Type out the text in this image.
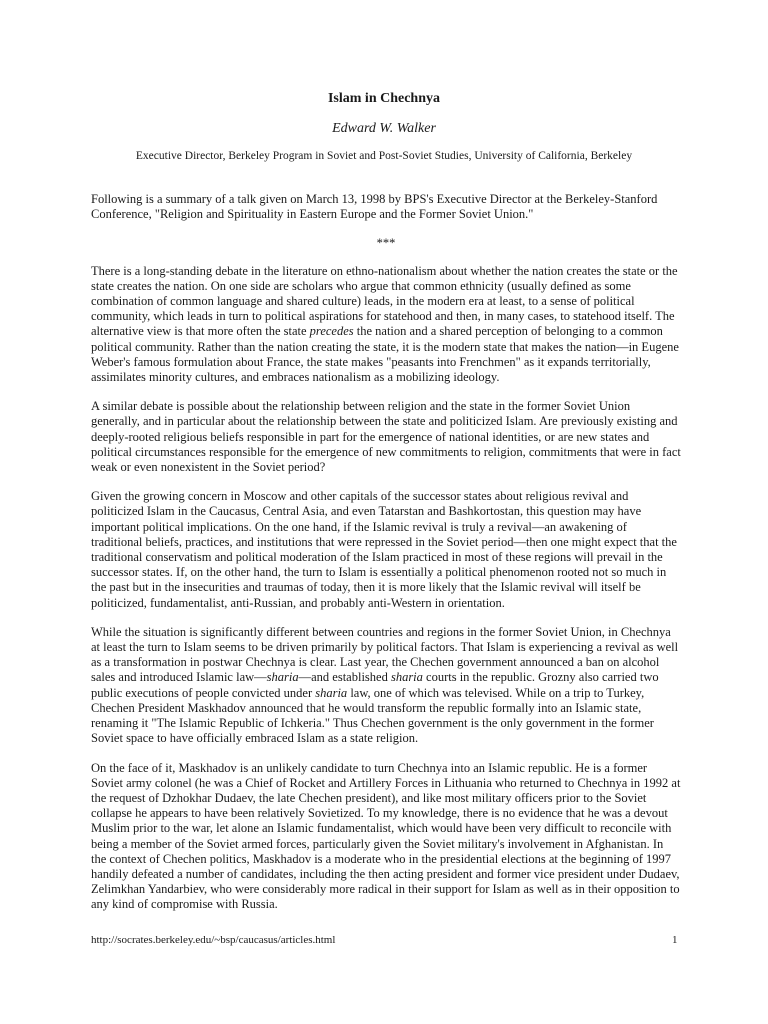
Islam in Chechnya
Edward W. Walker
Executive Director, Berkeley Program in Soviet and Post-Soviet Studies, University of California, Berkeley

Following is a summary of a talk given on March 13, 1998 by BPS's Executive Director at the Berkeley-Stanford Conference, "Religion and Spirituality in Eastern Europe and the Former Soviet Union."

***

There is a long-standing debate in the literature on ethno-nationalism about whether the nation creates the state or the state creates the nation. On one side are scholars who argue that common ethnicity (usually defined as some combination of common language and shared culture) leads, in the modern era at least, to a sense of political community, which leads in turn to political aspirations for statehood and then, in many cases, to statehood itself. The alternative view is that more often the state precedes the nation and a shared perception of belonging to a common political community. Rather than the nation creating the state, it is the modern state that makes the nation—in Eugene Weber's famous formulation about France, the state makes "peasants into Frenchmen" as it expands territorially, assimilates minority cultures, and embraces nationalism as a mobilizing ideology.

A similar debate is possible about the relationship between religion and the state in the former Soviet Union generally, and in particular about the relationship between the state and politicized Islam. Are previously existing and deeply-rooted religious beliefs responsible in part for the emergence of national identities, or are new states and political circumstances responsible for the emergence of new commitments to religion, commitments that were in fact weak or even nonexistent in the Soviet period?

Given the growing concern in Moscow and other capitals of the successor states about religious revival and politicized Islam in the Caucasus, Central Asia, and even Tatarstan and Bashkortostan, this question may have important political implications. On the one hand, if the Islamic revival is truly a revival—an awakening of traditional beliefs, practices, and institutions that were repressed in the Soviet period—then one might expect that the traditional conservatism and political moderation of the Islam practiced in most of these regions will prevail in the successor states. If, on the other hand, the turn to Islam is essentially a political phenomenon rooted not so much in the past but in the insecurities and traumas of today, then it is more likely that the Islamic revival will itself be politicized, fundamentalist, anti-Russian, and probably anti-Western in orientation.

While the situation is significantly different between countries and regions in the former Soviet Union, in Chechnya at least the turn to Islam seems to be driven primarily by political factors. That Islam is experiencing a revival as well as a transformation in postwar Chechnya is clear. Last year, the Chechen government announced a ban on alcohol sales and introduced Islamic law—sharia—and established sharia courts in the republic. Grozny also carried two public executions of people convicted under sharia law, one of which was televised. While on a trip to Turkey, Chechen President Maskhadov announced that he would transform the republic formally into an Islamic state, renaming it "The Islamic Republic of Ichkeria." Thus Chechen government is the only government in the former Soviet space to have officially embraced Islam as a state religion.

On the face of it, Maskhadov is an unlikely candidate to turn Chechnya into an Islamic republic. He is a former Soviet army colonel (he was a Chief of Rocket and Artillery Forces in Lithuania who returned to Chechnya in 1992 at the request of Dzhokhar Dudaev, the late Chechen president), and like most military officers prior to the Soviet collapse he appears to have been relatively Sovietized. To my knowledge, there is no evidence that he was a devout Muslim prior to the war, let alone an Islamic fundamentalist, which would have been very difficult to reconcile with being a member of the Soviet armed forces, particularly given the Soviet military's involvement in Afghanistan. In the context of Chechen politics, Maskhadov is a moderate who in the presidential elections at the beginning of 1997 handily defeated a number of candidates, including the then acting president and former vice president under Dudaev, Zelimkhan Yandarbiev, who were considerably more radical in their support for Islam as well as in their opposition to any kind of compromise with Russia.

http://socrates.berkeley.edu/~bsp/caucasus/articles.html	1
